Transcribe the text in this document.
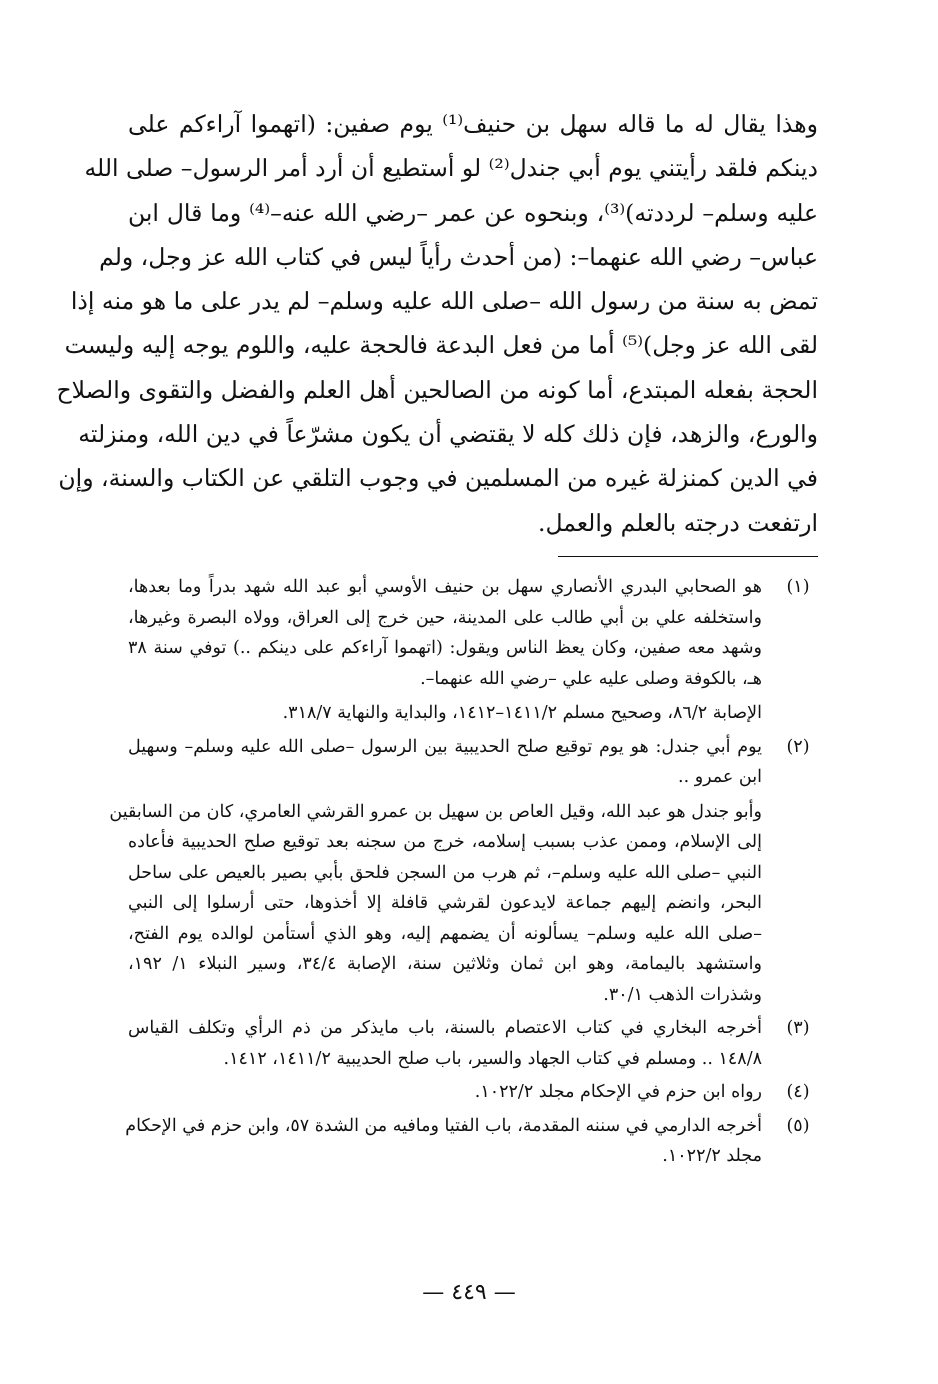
وهذا يقال له ما قاله سهل بن حنيف⁽¹⁾ يوم صفين: (اتهموا آراءكم على
دينكم فلقد رأيتني يوم أبي جندل⁽²⁾ لو أستطيع أن أرد أمر الرسول– صلى الله
عليه وسلم– لرددته)⁽³⁾، وبنحوه عن عمر –رضي الله عنه–⁽⁴⁾ وما قال ابن
عباس– رضي الله عنهما–: (من أحدث رأياً ليس في كتاب الله عز وجل، ولم
تمض به سنة من رسول الله –صلى الله عليه وسلم– لم يدر على ما هو منه إذا
لقى الله عز وجل)⁽⁵⁾ أما من فعل البدعة فالحجة عليه، واللوم يوجه إليه وليست
الحجة بفعله المبتدع، أما كونه من الصالحين أهل العلم والفضل والتقوى والصلاح
والورع، والزهد، فإن ذلك كله لا يقتضي أن يكون مشرّعاً في دين الله، ومنزلته
في الدين كمنزلة غيره من المسلمين في وجوب التلقي عن الكتاب والسنة، وإن
ارتفعت درجته بالعلم والعمل.
(١)
هو الصحابي البدري الأنصاري سهل بن حنيف الأوسي أبو عبد الله شهد بدراً وما بعدها،
واستخلفه علي بن أبي طالب على المدينة، حين خرج إلى العراق، وولاه البصرة وغيرها،
وشهد معه صفين، وكان يعظ الناس ويقول: (اتهموا آراءكم على دينكم ..) توفي سنة ٣٨
هـ، بالكوفة وصلى عليه علي –رضي الله عنهما–.
الإصابة ٨٦/٢، وصحيح مسلم ١٤١١/٢–١٤١٢، والبداية والنهاية ٣١٨/٧.
(٢)
يوم أبي جندل: هو يوم توقيع صلح الحديبية بين الرسول –صلى الله عليه وسلم– وسهيل
ابن عمرو ..
وأبو جندل هو عبد الله، وقيل العاص بن سهيل بن عمرو القرشي العامري، كان من السابقين
إلى الإسلام، وممن عذب بسبب إسلامه، خرج من سجنه بعد توقيع صلح الحديبية فأعاده
النبي –صلى الله عليه وسلم–، ثم هرب من السجن فلحق بأبي بصير بالعيص على ساحل
البحر، وانضم إليهم جماعة لايدعون لقرشي قافلة إلا أخذوها، حتى أرسلوا إلى النبي
–صلى الله عليه وسلم– يسألونه أن يضمهم إليه، وهو الذي أستأمن لوالده يوم الفتح،
واستشهد باليمامة، وهو ابن ثمان وثلاثين سنة، الإصابة ٣٤/٤، وسير النبلاء ١/ ١٩٢،
وشذرات الذهب ٣٠/١.
(٣)
أخرجه البخاري في كتاب الاعتصام بالسنة، باب مايذكر من ذم الرأي وتكلف القياس
١٤٨/٨ .. ومسلم في كتاب الجهاد والسير، باب صلح الحديبية ١٤١١/٢، ١٤١٢.
(٤)
رواه ابن حزم في الإحكام مجلد ١٠٢٢/٢.
(٥)
أخرجه الدارمي في سننه المقدمة، باب الفتيا ومافيه من الشدة ٥٧، وابن حزم في الإحكام
مجلد ١٠٢٢/٢.
— ٤٤٩ —
